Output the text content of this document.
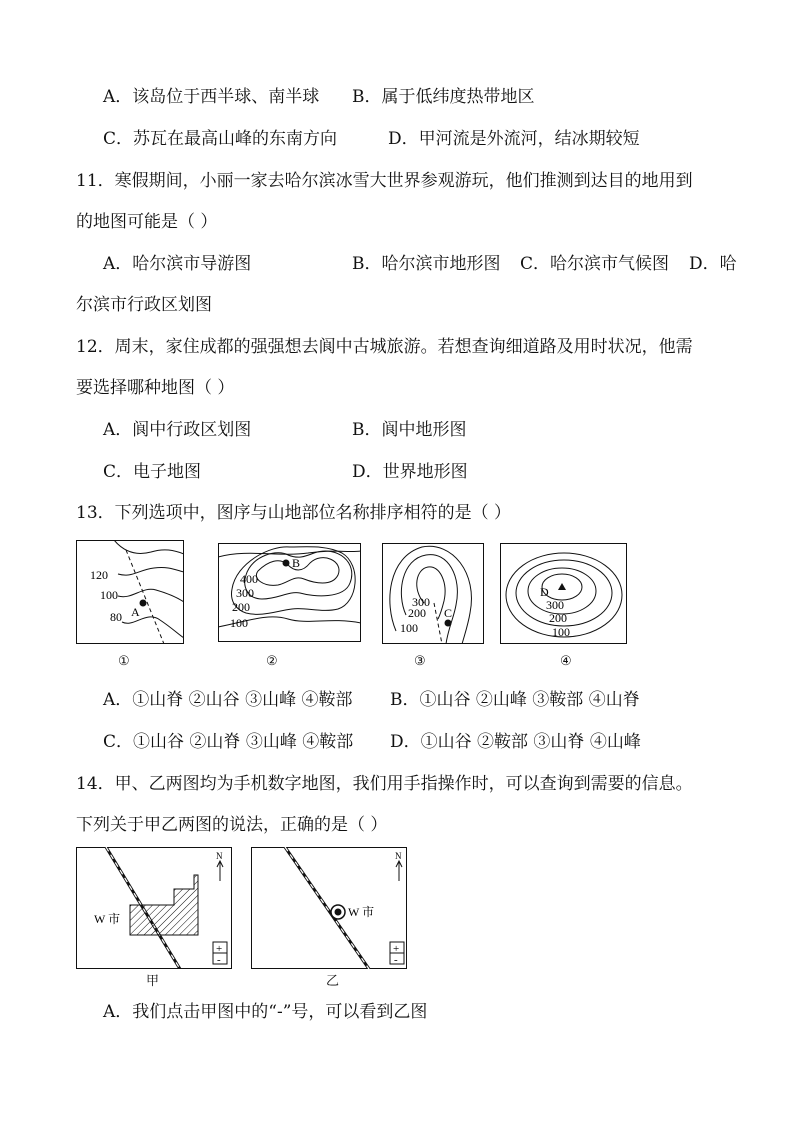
A．该岛位于西半球、南半球 B．属于低纬度热带地区
C．苏瓦在最高山峰的东南方向	D．甲河流是外流河，结冰期较短
11．寒假期间，小丽一家去哈尔滨冰雪大世界参观游玩，他们推测到达目的地用到
的地图可能是（ ）
A．哈尔滨市导游图	B．哈尔滨市地形图 C．哈尔滨市气候图 D．哈
尔滨市行政区划图
12．周末，家住成都的强强想去阆中古城旅游。若想查询细道路及用时状况，他需
要选择哪种地图（ ）
A．阆中行政区划图	B．阆中地形图
C．电子地图	D．世界地形图
13．下列选项中，图序与山地部位名称排序相符的是（ ）
120
100
80 A
①
B
400
300
200
100
②
300
200 C
100
③
D
300
200
100
④
A．①山脊 ②山谷 ③山峰 ④鞍部 B．①山谷 ②山峰 ③鞍部 ④山脊
C．①山谷 ②山脊 ③山峰 ④鞍部 D．①山谷 ②鞍部 ③山脊 ④山峰
14．甲、乙两图均为手机数字地图，我们用手指操作时，可以查询到需要的信息。
下列关于甲乙两图的说法，正确的是（ ）
W 市
N
+
-
甲
W 市
N
+
-
乙
A．我们点击甲图中的“-”号，可以看到乙图
